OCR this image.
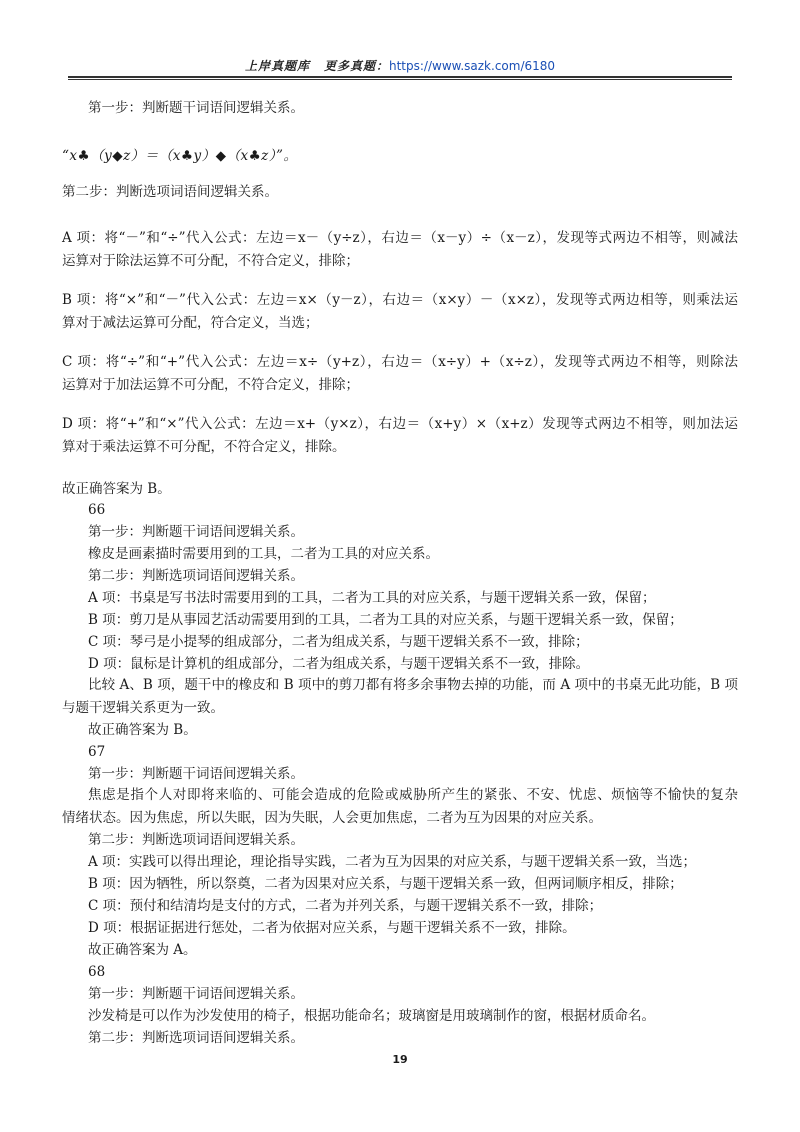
上岸真题库 更多真题：https://www.sazk.com/6180
第一步：判断题干词语间逻辑关系。
“x♣（y◆z）＝（x♣y）◆（x♣z）”。
第二步：判断选项词语间逻辑关系。
A 项：将“－”和“÷”代入公式：左边＝x－（y÷z），右边＝（x－y）÷（x－z），发现等式两边不相等，则减法
运算对于除法运算不可分配，不符合定义，排除；
B 项：将“×”和“－”代入公式：左边＝x×（y－z），右边＝（x×y）－（x×z），发现等式两边相等，则乘法运
算对于减法运算可分配，符合定义，当选；
C 项：将“÷”和“+”代入公式：左边＝x÷（y+z），右边＝（x÷y）+（x÷z），发现等式两边不相等，则除法
运算对于加法运算不可分配，不符合定义，排除；
D 项：将“+”和“×”代入公式：左边＝x+（y×z），右边＝（x+y）×（x+z）发现等式两边不相等，则加法运
算对于乘法运算不可分配，不符合定义，排除。
故正确答案为 B。
66
第一步：判断题干词语间逻辑关系。
橡皮是画素描时需要用到的工具，二者为工具的对应关系。
第二步：判断选项词语间逻辑关系。
A 项：书桌是写书法时需要用到的工具，二者为工具的对应关系，与题干逻辑关系一致，保留；
B 项：剪刀是从事园艺活动需要用到的工具，二者为工具的对应关系，与题干逻辑关系一致，保留；
C 项：琴弓是小提琴的组成部分，二者为组成关系，与题干逻辑关系不一致，排除；
D 项：鼠标是计算机的组成部分，二者为组成关系，与题干逻辑关系不一致，排除。
比较 A、B 项，题干中的橡皮和 B 项中的剪刀都有将多余事物去掉的功能，而 A 项中的书桌无此功能，B 项
与题干逻辑关系更为一致。
故正确答案为 B。
67
第一步：判断题干词语间逻辑关系。
焦虑是指个人对即将来临的、可能会造成的危险或威胁所产生的紧张、不安、忧虑、烦恼等不愉快的复杂
情绪状态。因为焦虑，所以失眠，因为失眠，人会更加焦虑，二者为互为因果的对应关系。
第二步：判断选项词语间逻辑关系。
A 项：实践可以得出理论，理论指导实践，二者为互为因果的对应关系，与题干逻辑关系一致，当选；
B 项：因为牺牲，所以祭奠，二者为因果对应关系，与题干逻辑关系一致，但两词顺序相反，排除；
C 项：预付和结清均是支付的方式，二者为并列关系，与题干逻辑关系不一致，排除；
D 项：根据证据进行惩处，二者为依据对应关系，与题干逻辑关系不一致，排除。
故正确答案为 A。
68
第一步：判断题干词语间逻辑关系。
沙发椅是可以作为沙发使用的椅子，根据功能命名；玻璃窗是用玻璃制作的窗，根据材质命名。
第二步：判断选项词语间逻辑关系。
19
